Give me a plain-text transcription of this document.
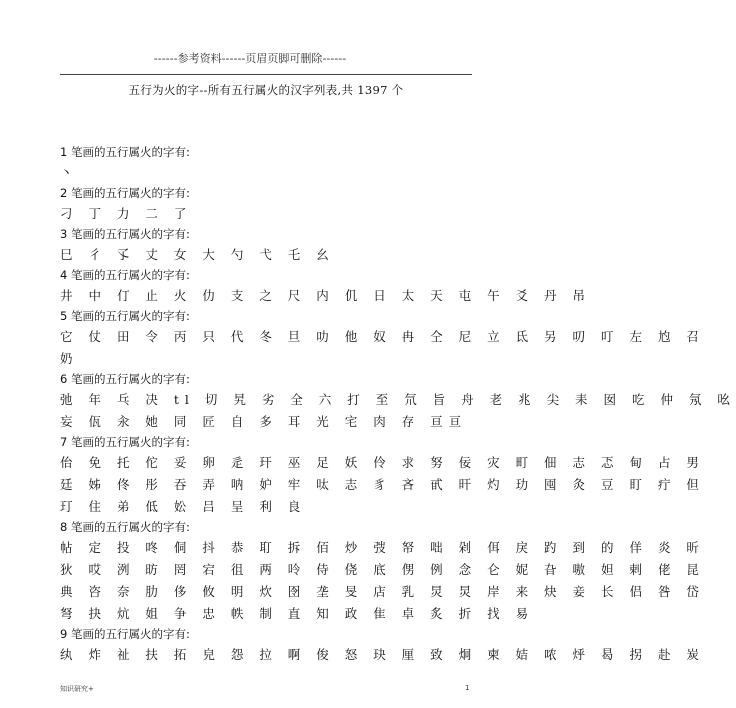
------参考资料------页眉页脚可删除------
五行为火的字--所有五行属火的汉字列表,共 1397 个
1 笔画的五行属火的字有:
丶
2 笔画的五行属火的字有:
刁 丁 力 二 了
3 笔画的五行属火的字有:
巳 彳 孓 丈 女 大 勺 弋 乇 幺
4 笔画的五行属火的字有:
井 中 仃 止 火 仂 支 之 尺 内 仉 日 太 天 屯 午 爻 丹 吊
5 笔画的五行属火的字有:
它 仗 田 令 丙 只 代 冬 旦 叻 他 奴 冉 仝 尼 立 氐 另 叨 叮 左 尥 召
奶
6 笔画的五行属火的字有:
弛 年 乓 决 tl 切 旯 劣 全 六 打 至 氘 旨 舟 老 兆 尖 耒 囡 吃 仲 氖 吆
妄 佤 汆 她 同 匠 自 多 耳 光 宅 肉 存 亘亘
7 笔画的五行属火的字有:
佁 免 托 佗 妥 卵 辵 玕 巫 足 妖 伶 求 努 佞 灾 町 佃 志 忑 甸 占 男
廷 姊 佟 彤 吞 弄 呐 妒 牢 呔 志 豸 吝 甙 旰 灼 玏 囤 灸 豆 盯 疔 但
玎 住 弟 低 妐 吕 呈 利 良
8 笔画的五行属火的字有:
帖 定 投 咚 侗 抖 恭 耵 拆 佰 炒 弢 帑 咄 剁 佴 戾 趵 到 的 佯 炎 昕
狄 哎 洌 昉 罔 宕 徂 两 呤 侍 侥 底 侽 例 念 仑 妮 旮 嗷 妲 剌 佬 昆
典 咨 奈 肋 侈 攸 明 炊 囹 垄 旻 店 乳 炅 炅 岸 来 炔 妾 长 侣 咎 岱
弩 抉 炕 姐 争 忠 帙 制 直 知 政 隹 卓 炙 折 找 易
9 笔画的五行属火的字有:
纨 炸 祉 扶 拓 皃 怨 拉 啊 俊 怒 玦 厘 致 炯 柬 姞 哝 烀 曷 拐 赴 炭
知识研究+	1
